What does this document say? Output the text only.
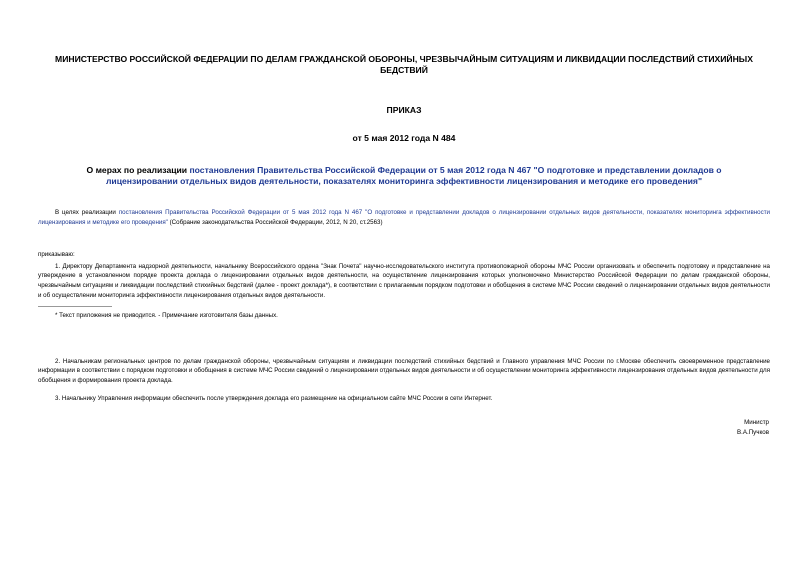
МИНИСТЕРСТВО РОССИЙСКОЙ ФЕДЕРАЦИИ ПО ДЕЛАМ ГРАЖДАНСКОЙ ОБОРОНЫ, ЧРЕЗВЫЧАЙНЫМ СИТУАЦИЯМ И ЛИКВИДАЦИИ ПОСЛЕДСТВИЙ СТИХИЙНЫХ БЕДСТВИЙ
ПРИКАЗ
от 5 мая 2012 года N 484
О мерах по реализации постановления Правительства Российской Федерации от 5 мая 2012 года N 467 "О подготовке и представлении докладов о лицензировании отдельных видов деятельности, показателях мониторинга эффективности лицензирования и методике его проведения"
В целях реализации постановления Правительства Российской Федерации от 5 мая 2012 года N 467 "О подготовке и представлении докладов о лицензировании отдельных видов деятельности, показателях мониторинга эффективности лицензирования и методике его проведения" (Собрание законодательства Российской Федерации, 2012, N 20, ст.2563)
приказываю:
1. Директору Департамента надзорной деятельности, начальнику Всероссийского ордена "Знак Почета" научно-исследовательского института противопожарной обороны МЧС России организовать и обеспечить подготовку и представление на утверждение в установленном порядке проекта доклада о лицензировании отдельных видов деятельности, на осуществление лицензирования которых уполномочено Министерство Российской Федерации по делам гражданской обороны, чрезвычайным ситуациям и ликвидации последствий стихийных бедствий (далее - проект доклада*), в соответствии с прилагаемым порядком подготовки и обобщения в системе МЧС России сведений о лицензировании отдельных видов деятельности и об осуществлении мониторинга эффективности лицензирования отдельных видов деятельности.
* Текст приложения не приводится. - Примечание изготовителя базы данных.
2. Начальникам региональных центров по делам гражданской обороны, чрезвычайным ситуациям и ликвидации последствий стихийных бедствий и Главного управления МЧС России по г.Москве обеспечить своевременное представление информации в соответствии с порядком подготовки и обобщения в системе МЧС России сведений о лицензировании отдельных видов деятельности и об осуществлении мониторинга эффективности лицензирования отдельных видов деятельности для обобщения и формирования проекта доклада.
3. Начальнику Управления информации обеспечить после утверждения доклада его размещение на официальном сайте МЧС России в сети Интернет.
Министр
В.А.Пучков
